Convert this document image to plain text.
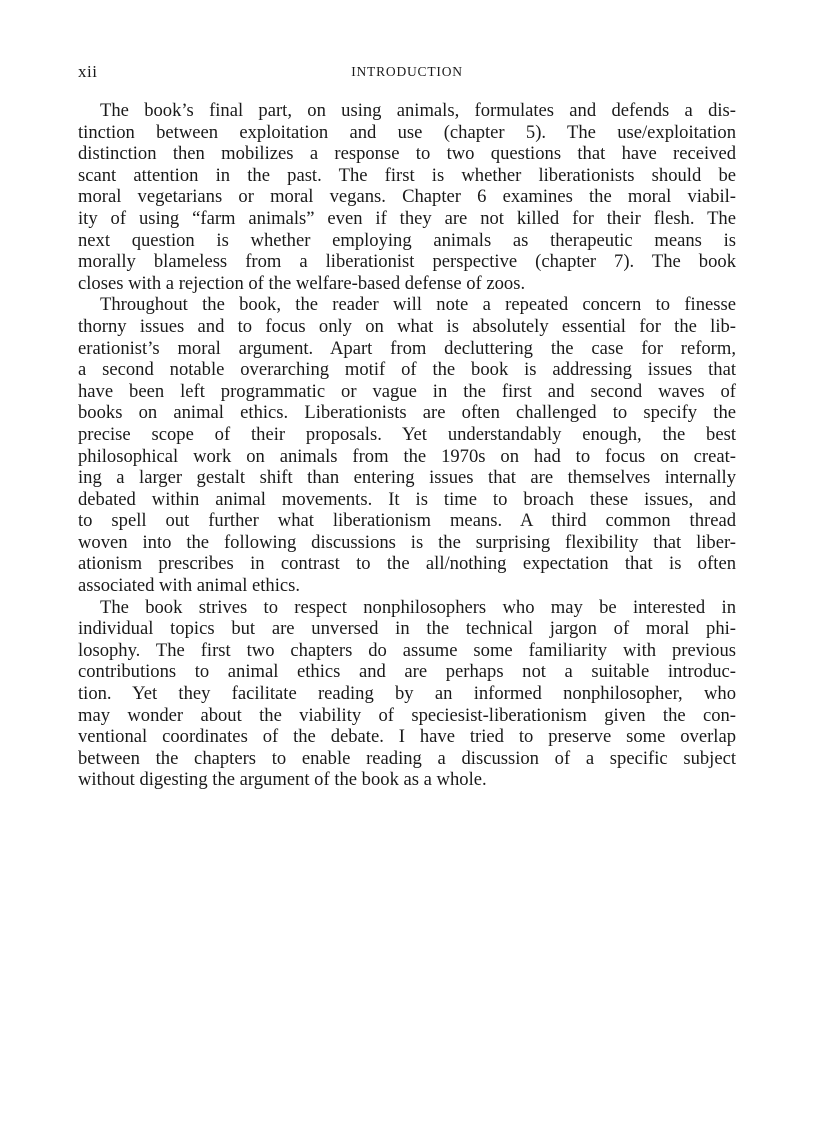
xii	INTRODUCTION
The book’s final part, on using animals, formulates and defends a dis-
tinction between exploitation and use (chapter 5). The use/exploitation
distinction then mobilizes a response to two questions that have received
scant attention in the past. The first is whether liberationists should be
moral vegetarians or moral vegans. Chapter 6 examines the moral viabil-
ity of using “farm animals” even if they are not killed for their flesh. The
next question is whether employing animals as therapeutic means is
morally blameless from a liberationist perspective (chapter 7). The book
closes with a rejection of the welfare-based defense of zoos.
Throughout the book, the reader will note a repeated concern to finesse
thorny issues and to focus only on what is absolutely essential for the lib-
erationist’s moral argument. Apart from decluttering the case for reform,
a second notable overarching motif of the book is addressing issues that
have been left programmatic or vague in the first and second waves of
books on animal ethics. Liberationists are often challenged to specify the
precise scope of their proposals. Yet understandably enough, the best
philosophical work on animals from the 1970s on had to focus on creat-
ing a larger gestalt shift than entering issues that are themselves internally
debated within animal movements. It is time to broach these issues, and
to spell out further what liberationism means. A third common thread
woven into the following discussions is the surprising flexibility that liber-
ationism prescribes in contrast to the all/nothing expectation that is often
associated with animal ethics.
The book strives to respect nonphilosophers who may be interested in
individual topics but are unversed in the technical jargon of moral phi-
losophy. The first two chapters do assume some familiarity with previous
contributions to animal ethics and are perhaps not a suitable introduc-
tion. Yet they facilitate reading by an informed nonphilosopher, who
may wonder about the viability of speciesist-liberationism given the con-
ventional coordinates of the debate. I have tried to preserve some overlap
between the chapters to enable reading a discussion of a specific subject
without digesting the argument of the book as a whole.
